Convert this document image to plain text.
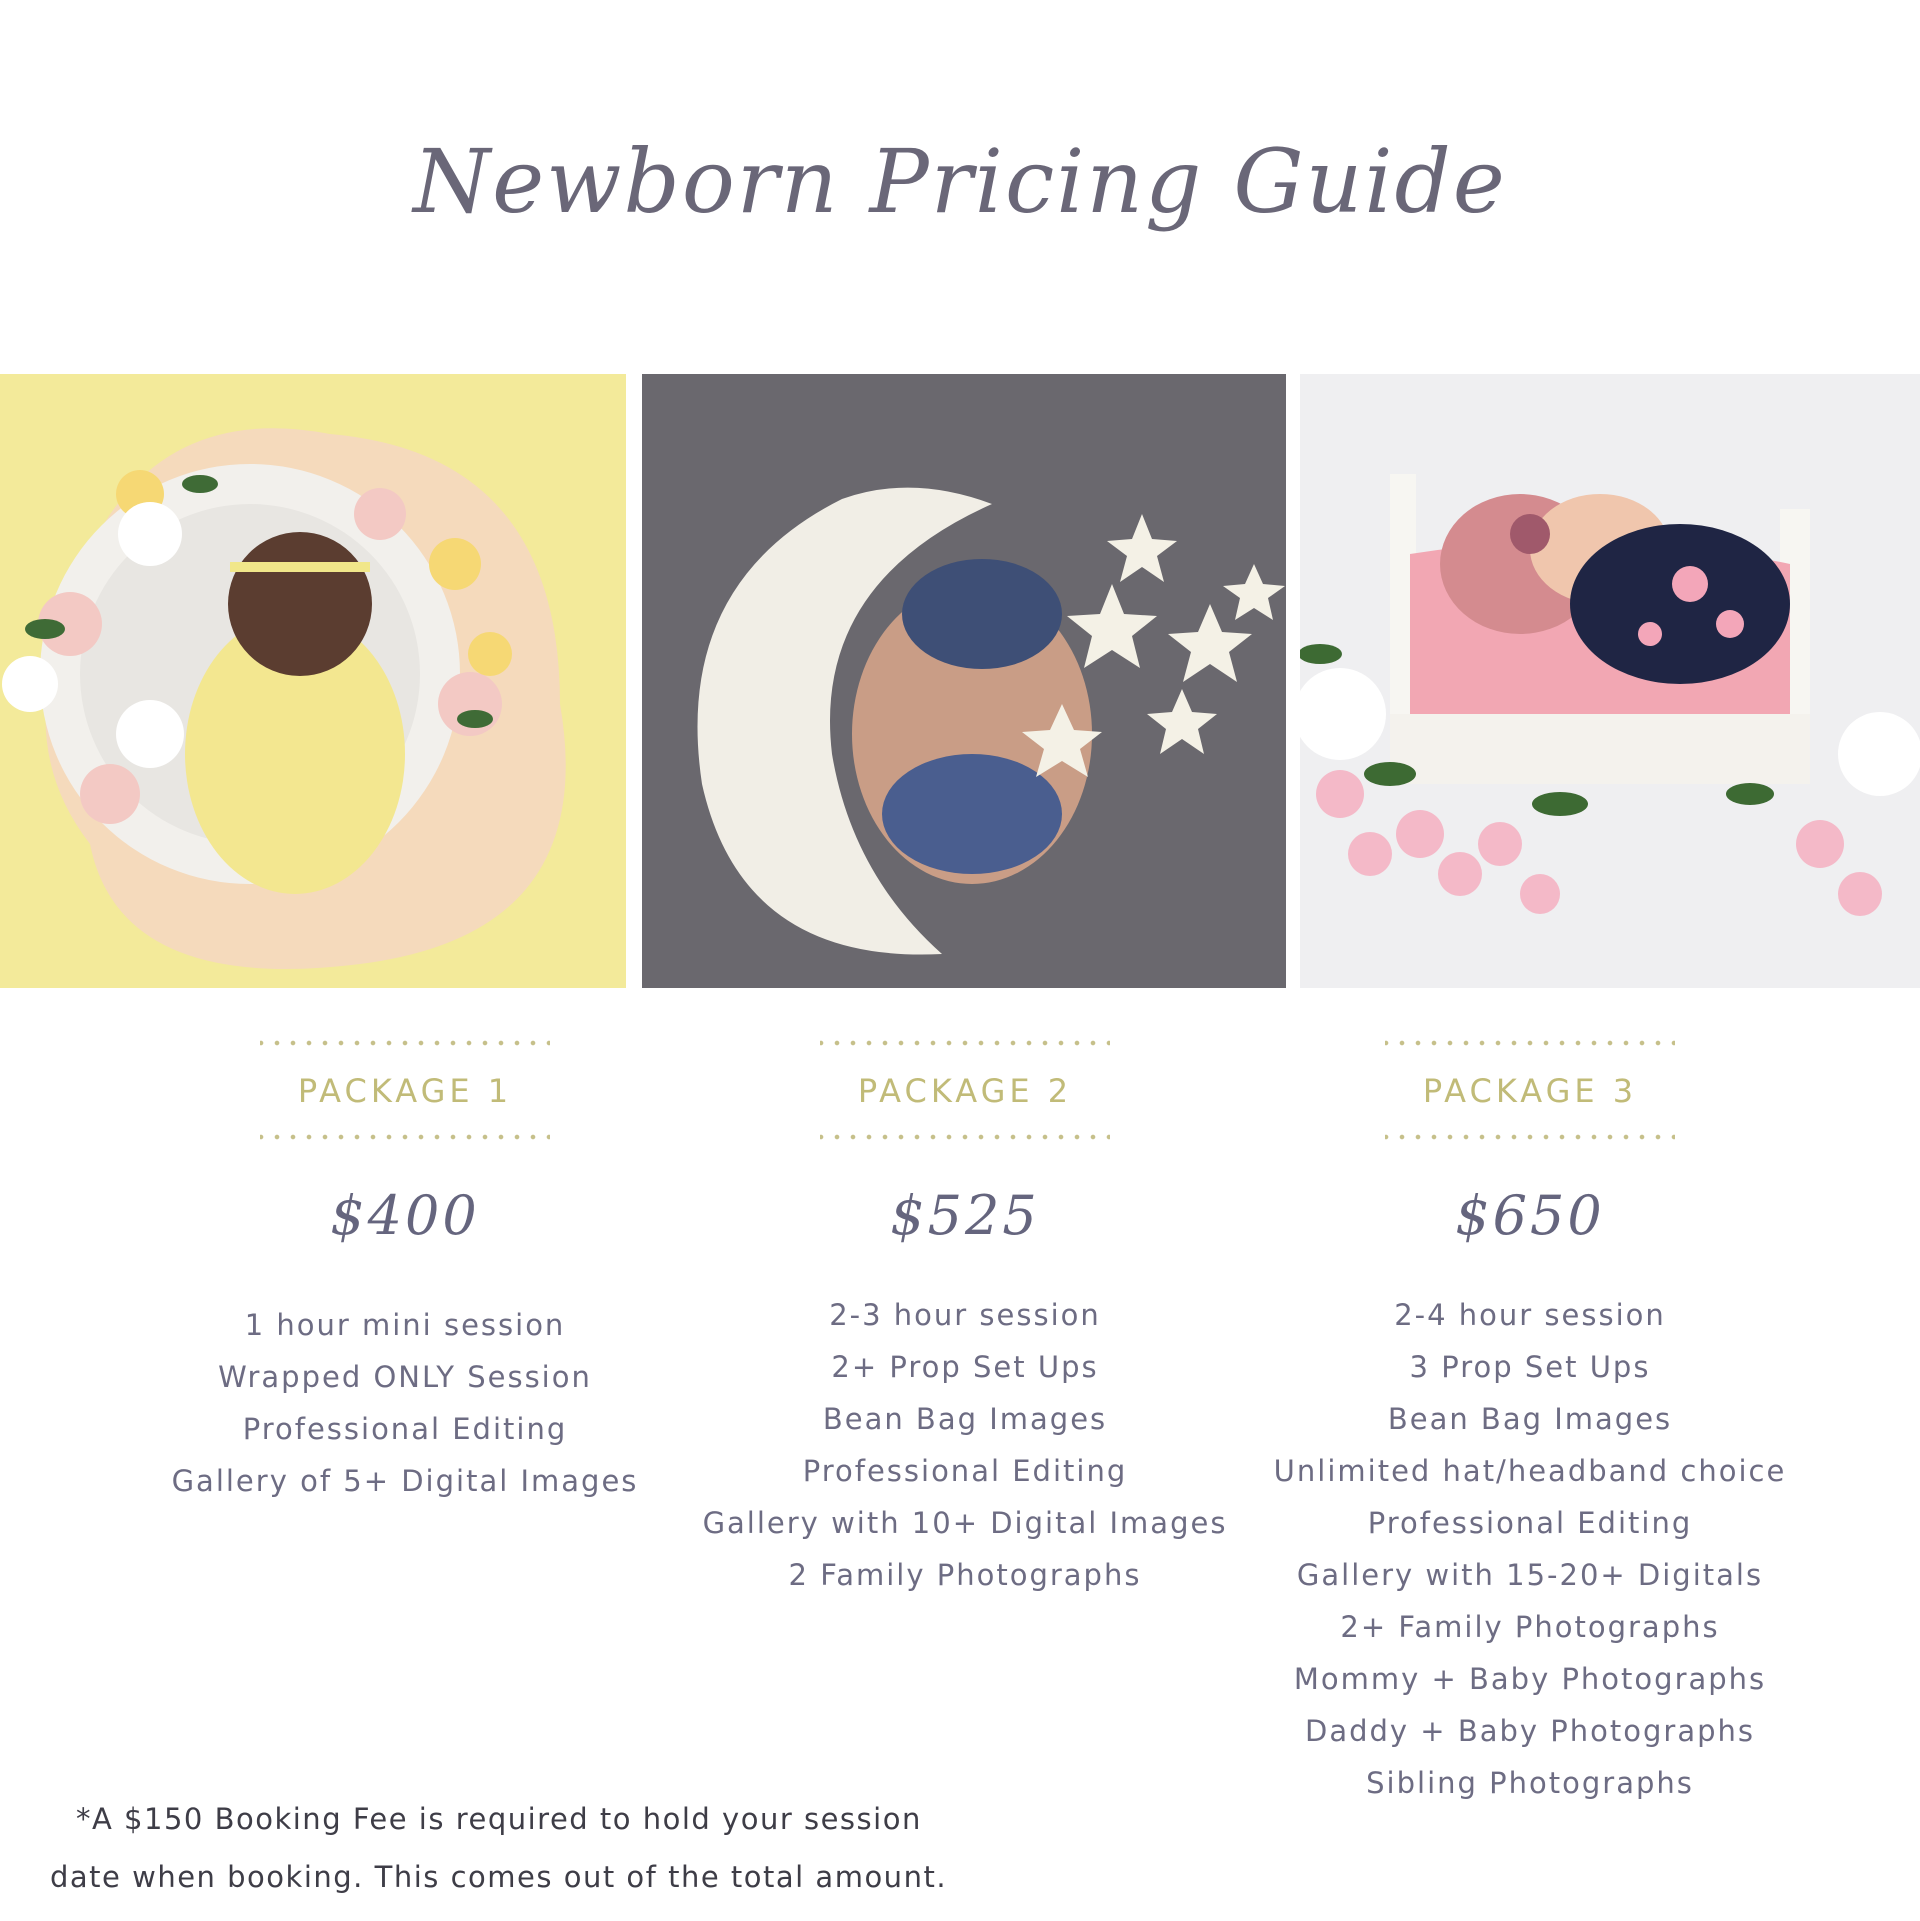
Newborn Pricing Guide
PACKAGE 1
$400
1 hour mini session
Wrapped ONLY Session
Professional Editing
Gallery of 5+ Digital Images
PACKAGE 2
$525
2-3 hour session
2+ Prop Set Ups
Bean Bag Images
Professional Editing
Gallery with 10+ Digital Images
2 Family Photographs
PACKAGE 3
$650
2-4 hour session
3 Prop Set Ups
Bean Bag Images
Unlimited hat/headband choice
Professional Editing
Gallery with 15-20+ Digitals
2+ Family Photographs
Mommy + Baby Photographs
Daddy + Baby Photographs
Sibling Photographs
*A $150 Booking Fee is required to hold your session
date when booking. This comes out of the total amount.
